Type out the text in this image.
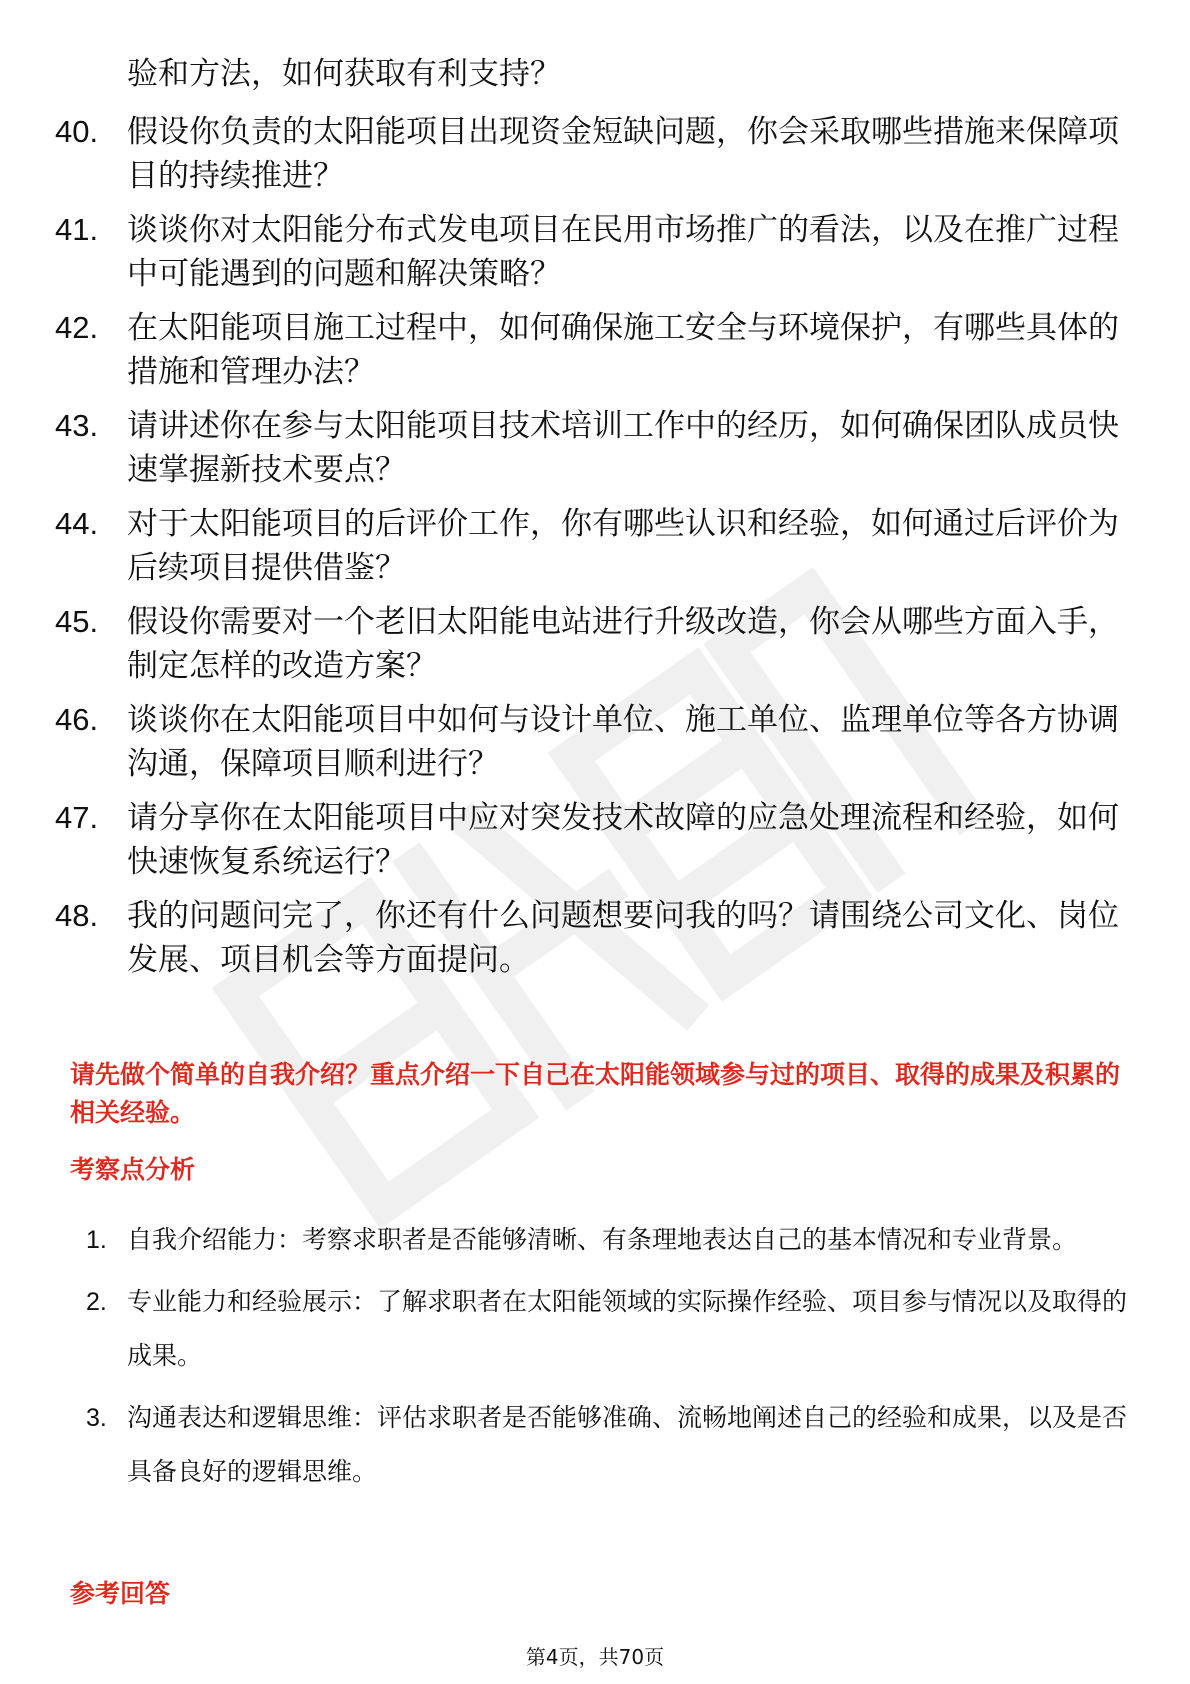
验和方法，如何获取有利支持？
40. 假设你负责的太阳能项目出现资金短缺问题，你会采取哪些措施来保障项目的持续推进？
41. 谈谈你对太阳能分布式发电项目在民用市场推广的看法，以及在推广过程中可能遇到的问题和解决策略？
42. 在太阳能项目施工过程中，如何确保施工安全与环境保护，有哪些具体的措施和管理办法？
43. 请讲述你在参与太阳能项目技术培训工作中的经历，如何确保团队成员快速掌握新技术要点？
44. 对于太阳能项目的后评价工作，你有哪些认识和经验，如何通过后评价为后续项目提供借鉴？
45. 假设你需要对一个老旧太阳能电站进行升级改造，你会从哪些方面入手，制定怎样的改造方案？
46. 谈谈你在太阳能项目中如何与设计单位、施工单位、监理单位等各方协调沟通，保障项目顺利进行？
47. 请分享你在太阳能项目中应对突发技术故障的应急处理流程和经验，如何快速恢复系统运行？
48. 我的问题问完了，你还有什么问题想要问我的吗？请围绕公司文化、岗位发展、项目机会等方面提问。
请先做个简单的自我介绍？重点介绍一下自己在太阳能领域参与过的项目、取得的成果及积累的相关经验。
考察点分析
1. 自我介绍能力：考察求职者是否能够清晰、有条理地表达自己的基本情况和专业背景。
2. 专业能力和经验展示：了解求职者在太阳能领域的实际操作经验、项目参与情况以及取得的成果。
3. 沟通表达和逻辑思维：评估求职者是否能够准确、流畅地阐述自己的经验和成果，以及是否具备良好的逻辑思维。
参考回答
第4页，共70页
